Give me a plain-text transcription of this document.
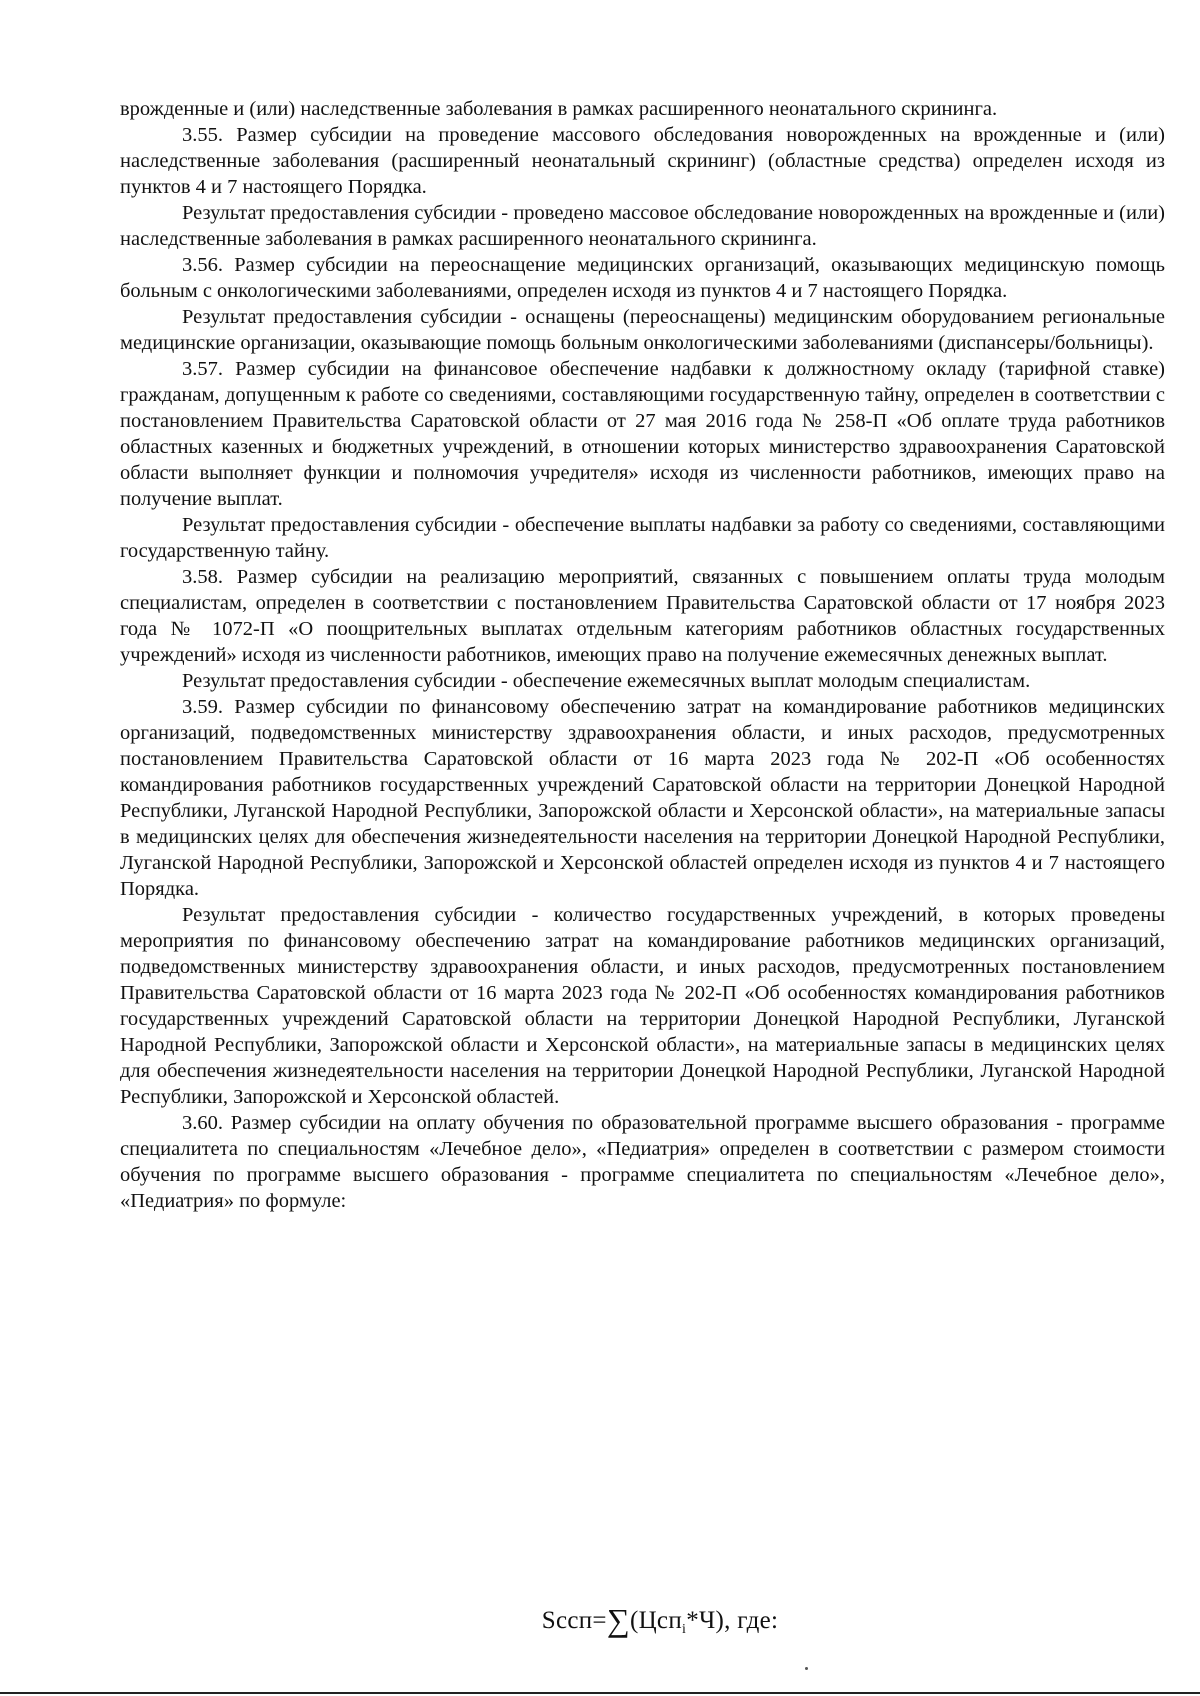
врожденные и (или) наследственные заболевания в рамках расширенного неонатального скрининга.

3.55. Размер субсидии на проведение массового обследования новорожденных на врожденные и (или) наследственные заболевания (расширенный неонатальный скрининг) (областные средства) определен исходя из пунктов 4 и 7 настоящего Порядка.

Результат предоставления субсидии - проведено массовое обследование новорожденных на врожденные и (или) наследственные заболевания в рамках расширенного неонатального скрининга.

3.56. Размер субсидии на переоснащение медицинских организаций, оказывающих медицинскую помощь больным с онкологическими заболеваниями, определен исходя из пунктов 4 и 7 настоящего Порядка.

Результат предоставления субсидии - оснащены (переоснащены) медицинским оборудованием региональные медицинские организации, оказывающие помощь больным онкологическими заболеваниями (диспансеры/больницы).

3.57. Размер субсидии на финансовое обеспечение надбавки к должностному окладу (тарифной ставке) гражданам, допущенным к работе со сведениями, составляющими государственную тайну, определен в соответствии с постановлением Правительства Саратовской области от 27 мая 2016 года № 258-П «Об оплате труда работников областных казенных и бюджетных учреждений, в отношении которых министерство здравоохранения Саратовской области выполняет функции и полномочия учредителя» исходя из численности работников, имеющих право на получение выплат.

Результат предоставления субсидии - обеспечение выплаты надбавки за работу со сведениями, составляющими государственную тайну.

3.58. Размер субсидии на реализацию мероприятий, связанных с повышением оплаты труда молодым специалистам, определен в соответствии с постановлением Правительства Саратовской области от 17 ноября 2023 года № 1072-П «О поощрительных выплатах отдельным категориям работников областных государственных учреждений» исходя из численности работников, имеющих право на получение ежемесячных денежных выплат.

Результат предоставления субсидии - обеспечение ежемесячных выплат молодым специалистам.

3.59. Размер субсидии по финансовому обеспечению затрат на командирование работников медицинских организаций, подведомственных министерству здравоохранения области, и иных расходов, предусмотренных постановлением Правительства Саратовской области от 16 марта 2023 года № 202-П «Об особенностях командирования работников государственных учреждений Саратовской области на территории Донецкой Народной Республики, Луганской Народной Республики, Запорожской области и Херсонской области», на материальные запасы в медицинских целях для обеспечения жизнедеятельности населения на территории Донецкой Народной Республики, Луганской Народной Республики, Запорожской и Херсонской областей определен исходя из пунктов 4 и 7 настоящего Порядка.

Результат предоставления субсидии - количество государственных учреждений, в которых проведены мероприятия по финансовому обеспечению затрат на командирование работников медицинских организаций, подведомственных министерству здравоохранения области, и иных расходов, предусмотренных постановлением Правительства Саратовской области от 16 марта 2023 года № 202-П «Об особенностях командирования работников государственных учреждений Саратовской области на территории Донецкой Народной Республики, Луганской Народной Республики, Запорожской области и Херсонской области», на материальные запасы в медицинских целях для обеспечения жизнедеятельности населения на территории Донецкой Народной Республики, Луганской Народной Республики, Запорожской и Херсонской областей.

3.60. Размер субсидии на оплату обучения по образовательной программе высшего образования - программе специалитета по специальностям «Лечебное дело», «Педиатрия» определен в соответствии с размером стоимости обучения по программе высшего образования - программе специалитета по специальностям «Лечебное дело», «Педиатрия» по формуле:

Sсcп=∑(Цсп$_i$*Ч), где:
